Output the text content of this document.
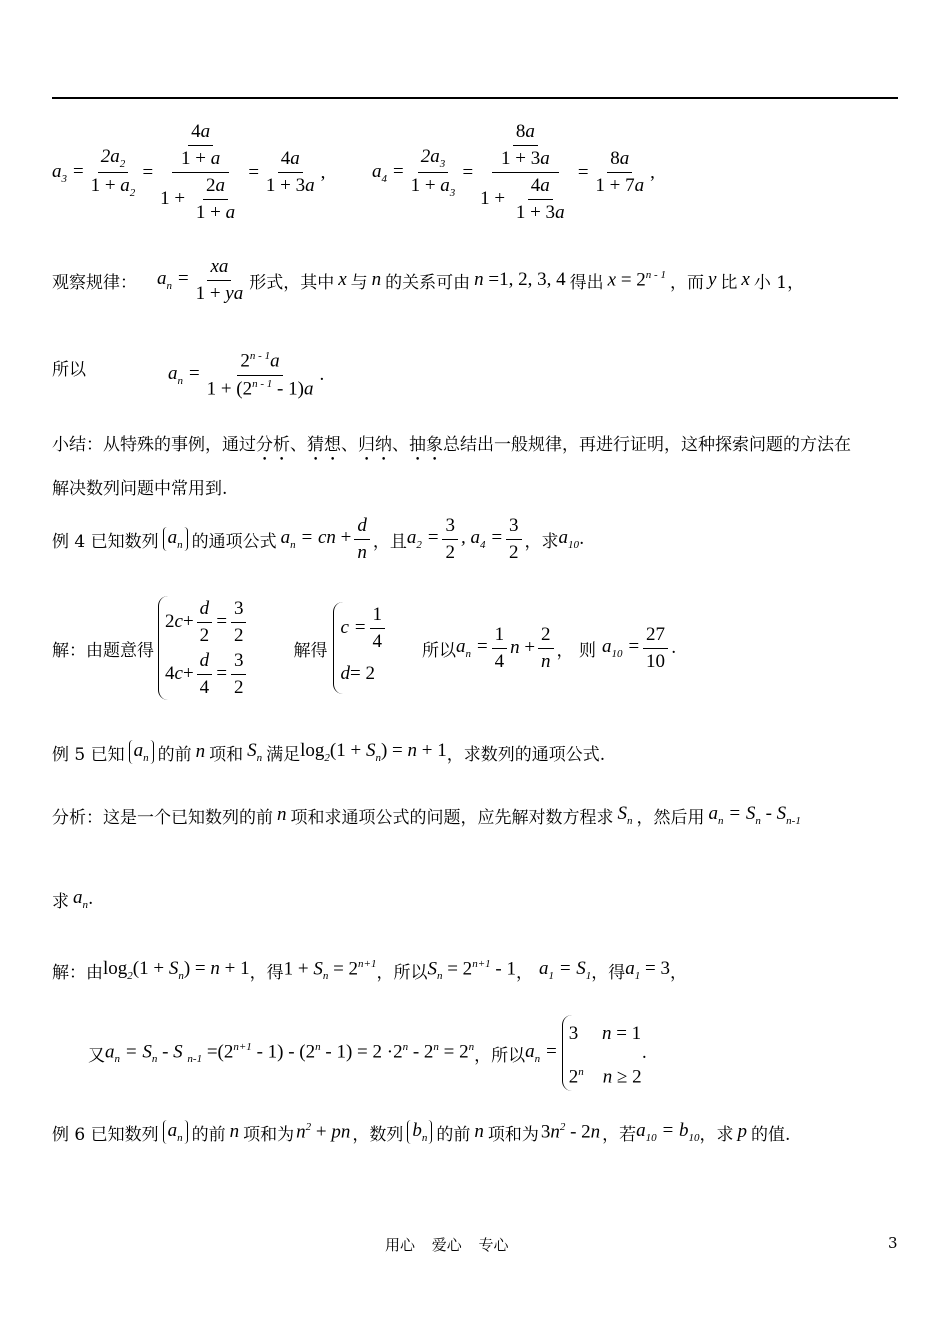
$a_3 = \frac{2a_2}{1 + a_2} = \frac{\frac{4a}{1 + a}}{1 + \frac{2a}{1 + a}} = \frac{4a}{1 + 3a}$ , $a_4 = \frac{2a_3}{1 + a_3} = \frac{\frac{8a}{1 + 3a}}{1 + \frac{4a}{1 + 3a}} = \frac{8a}{1 + 7a}$ ,
观察规律： $a_n = \frac{xa}{1 + ya}$ 形式，其中 x 与 n 的关系可由 n =1, 2, 3, 4 得出 $x = 2^{n - 1}$ ，而 y 比 x 小 1，
所以	$a_n = \frac{2^{n - 1}a}{1 + (2^{n - 1} - 1)a}$ .
小结：从特殊的事例，通过分析、猜想、归纳、抽象总结出一般规律，再进行证明，这种探索问题的方法在
解决数列问题中常用到.
例 4 已知数列 $a_n$ 的通项公式 $a_n$ = cn + $\frac{d}{n}$ ，且 $a_2 = \frac{3}{2}$ , $a_4 = \frac{3}{2}$ ，求 $a_{10}$ .
解：由题意得
2 $c + \frac{d}{2} = \frac{3}{2}$
4 $c + \frac{d}{4} = \frac{3}{2}$	解得
$c = \frac{1}{4}$
d = 2
所以 $a_n = \frac{1}{4}$ $n + \frac{2}{n}$ ， 则 $a_{10} = \frac{27}{10}$ .
例 5 已知 $a_n$ 的前 n 项和 $S_n$ 满足 $\log_2(1 + S_n) = n + 1$ ，求数列的通项公式.
分析：这是一个已知数列的前 n 项和求通项公式的问题，应先解对数方程求 $S_n$ ，然后用 $a_n = S_n - S_{n-1}$
求 $a_n$ .
解：由 $\log_2(1 + S_n) = n + 1$ ，得 $1 + S_n = 2^{n+1}$ ，所以 $S_n = 2^{n+1} - 1$ ， $a_1 = S_1$ ，得 $a_1 = 3$ ，
又 $a_n = S_n - S$ $_{n-1} =(2^{n+1} - 1) - (2^n - 1) = 2 \cdot 2^n - 2^n = 2^n$ ，所以 $a_n$ =
3     n = 1
2$^n$    n ≥ 2
.
例 6 已知数列 $a_n$ 的前 n 项和为 $n^2$ + pn ，数列 $b_n$ 的前 n 项和为 $3n^2 - 2n$ ，若 $a_{10} = b_{10}$ ，求 p 的值.
用心 爱心 专心	3
